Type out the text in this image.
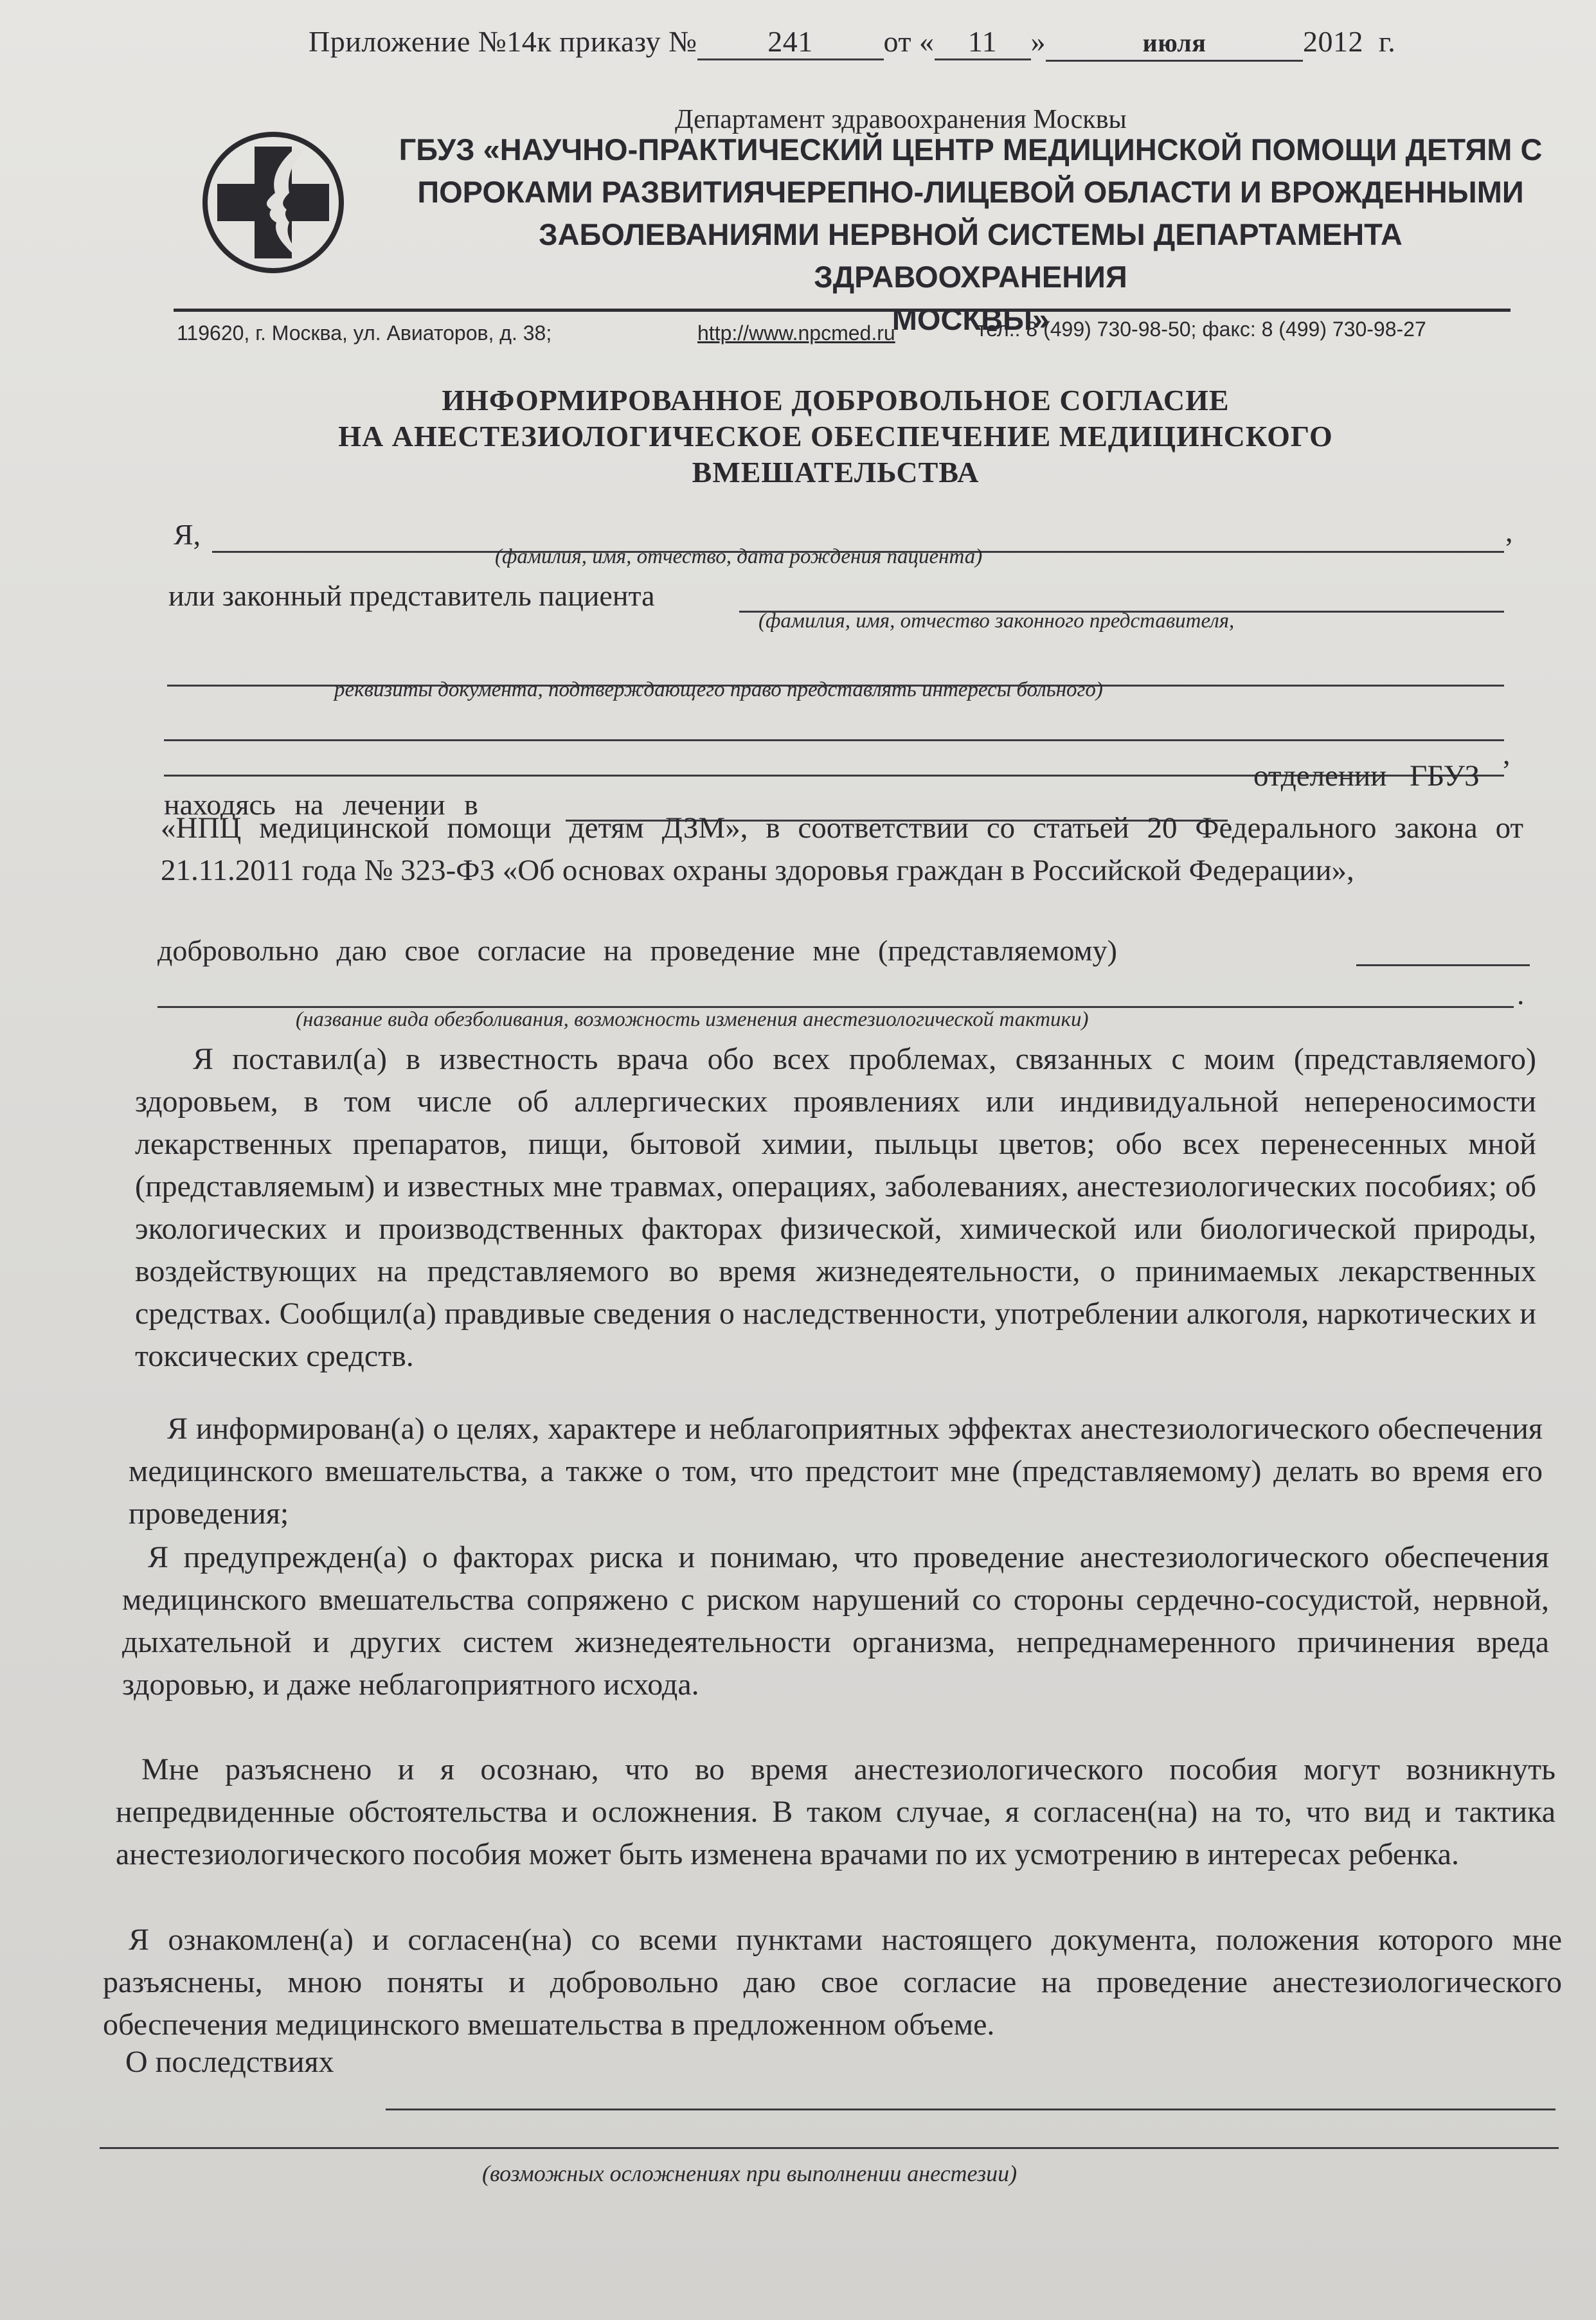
Приложение №14к приказу № 241 от « 11 »	июля	2012 г.
Департамент здравоохранения Москвы
ГБУЗ «НАУЧНО-ПРАКТИЧЕСКИЙ ЦЕНТР МЕДИЦИНСКОЙ ПОМОЩИ ДЕТЯМ С
ПОРОКАМИ РАЗВИТИЯЧЕРЕПНО-ЛИЦЕВОЙ ОБЛАСТИ И ВРОЖДЕННЫМИ
ЗАБОЛЕВАНИЯМИ НЕРВНОЙ СИСТЕМЫ ДЕПАРТАМЕНТА ЗДРАВООХРАНЕНИЯ
МОСКВЫ»
119620, г. Москва, ул. Авиаторов, д. 38;	http://www.npcmed.ru	тел.: 8 (499) 730-98-50; факс: 8 (499) 730-98-27
ИНФОРМИРОВАННОЕ ДОБРОВОЛЬНОЕ СОГЛАСИЕ
НА АНЕСТЕЗИОЛОГИЧЕСКОЕ ОБЕСПЕЧЕНИЕ МЕДИЦИНСКОГО
ВМЕШАТЕЛЬСТВА
Я,	,
(фамилия, имя, отчество, дата рождения пациента)
или законный представитель пациента
(фамилия, имя, отчество законного представителя,
реквизиты документа, подтверждающего право представлять интересы больного)
,
находясь на лечении в
отделении ГБУЗ
«НПЦ медицинской помощи детям ДЗМ», в соответствии со статьей 20 Федерального закона от 21.11.2011 года № 323-ФЗ «Об основах охраны здоровья граждан в Российской Федерации»,
добровольно даю свое согласие на проведение мне (представляемому)
.
(название вида обезболивания, возможность изменения анестезиологической тактики)
Я поставил(а) в известность врача обо всех проблемах, связанных с моим (представляемого) здоровьем, в том числе об аллергических проявлениях или индивидуальной непереносимости лекарственных препаратов, пищи, бытовой химии, пыльцы цветов; обо всех перенесенных мной (представляемым) и известных мне травмах, операциях, заболеваниях, анестезиологических пособиях; об экологических и производственных факторах физической, химической или биологической природы, воздействующих на представляемого во время жизнедеятельности, о принимаемых лекарственных средствах. Сообщил(а) правдивые сведения о наследственности, употреблении алкоголя, наркотических и токсических средств.
Я информирован(а) о целях, характере и неблагоприятных эффектах анестезиологического обеспечения медицинского вмешательства, а также о том, что предстоит мне (представляемому) делать во время его проведения;
Я предупрежден(а) о факторах риска и понимаю, что проведение анестезиологического обеспечения медицинского вмешательства сопряжено с риском нарушений со стороны сердечно-сосудистой, нервной, дыхательной и других систем жизнедеятельности организма, непреднамеренного причинения вреда здоровью, и даже неблагоприятного исхода.
Мне разъяснено и я осознаю, что во время анестезиологического пособия могут возникнуть непредвиденные обстоятельства и осложнения. В таком случае, я согласен(на) на то, что вид и тактика анестезиологического пособия может быть изменена врачами по их усмотрению в интересах ребенка.
Я ознакомлен(а) и согласен(на) со всеми пунктами настоящего документа, положения которого мне разъяснены, мною поняты и добровольно даю свое согласие на проведение анестезиологического обеспечения медицинского вмешательства в предложенном объеме.
О последствиях
(возможных осложнениях при выполнении анестезии)
